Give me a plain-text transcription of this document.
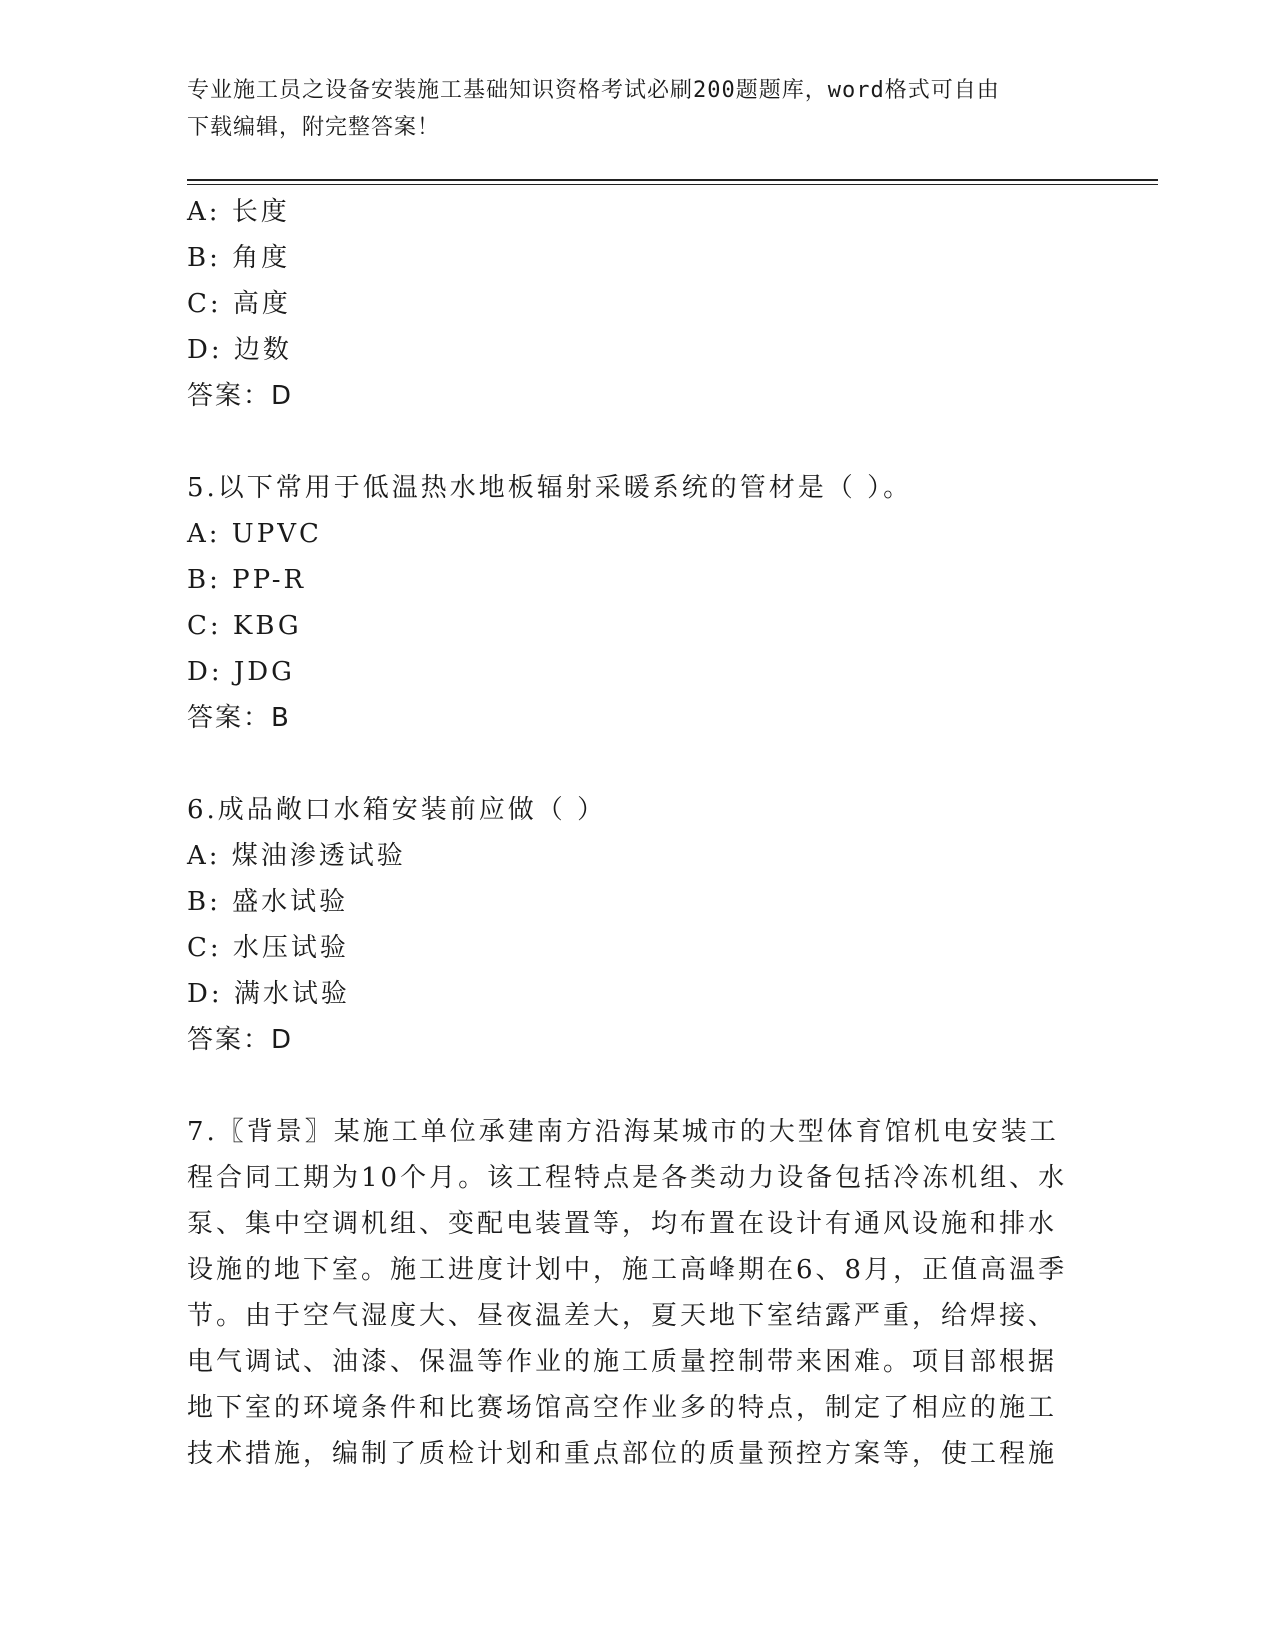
专业施工员之设备安装施工基础知识资格考试必刷200题题库，word格式可自由
下载编辑，附完整答案！
A: 长度
B: 角度
C: 高度
D: 边数
答案：D
5.以下常用于低温热水地板辐射采暖系统的管材是（ ）。
A: UPVC
B: PP-R
C: KBG
D: JDG
答案：B
6.成品敞口水箱安装前应做（ ）
A: 煤油渗透试验
B: 盛水试验
C: 水压试验
D: 满水试验
答案：D
7.〖背景〗某施工单位承建南方沿海某城市的大型体育馆机电安装工
程合同工期为10个月。该工程特点是各类动力设备包括冷冻机组、水
泵、集中空调机组、变配电装置等，均布置在设计有通风设施和排水
设施的地下室。施工进度计划中，施工高峰期在6、8月，正值高温季
节。由于空气湿度大、昼夜温差大，夏天地下室结露严重，给焊接、
电气调试、油漆、保温等作业的施工质量控制带来困难。项目部根据
地下室的环境条件和比赛场馆高空作业多的特点，制定了相应的施工
技术措施，编制了质检计划和重点部位的质量预控方案等，使工程施
